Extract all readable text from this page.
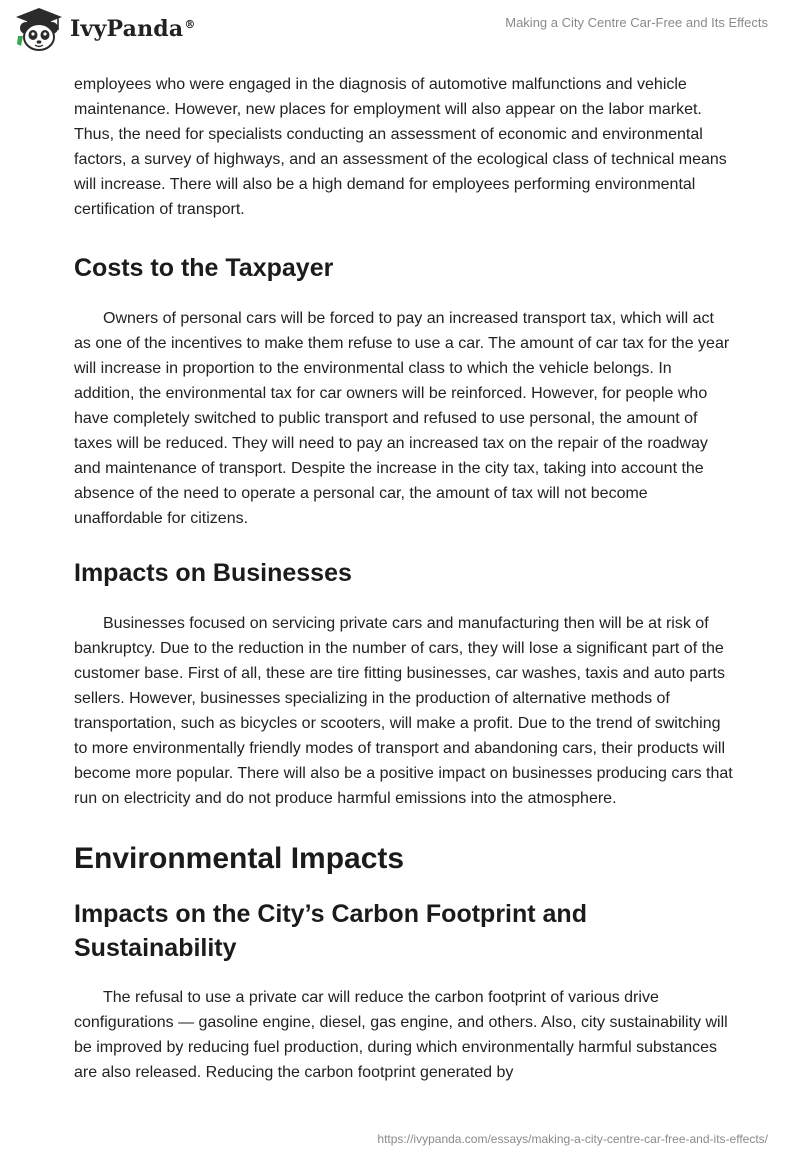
IvyPanda®	Making a City Centre Car-Free and Its Effects

employees who were engaged in the diagnosis of automotive malfunctions and vehicle maintenance. However, new places for employment will also appear on the labor market. Thus, the need for specialists conducting an assessment of economic and environmental factors, a survey of highways, and an assessment of the ecological class of technical means will increase. There will also be a high demand for employees performing environmental certification of transport.

Costs to the Taxpayer

Owners of personal cars will be forced to pay an increased transport tax, which will act as one of the incentives to make them refuse to use a car. The amount of car tax for the year will increase in proportion to the environmental class to which the vehicle belongs. In addition, the environmental tax for car owners will be reinforced. However, for people who have completely switched to public transport and refused to use personal, the amount of taxes will be reduced. They will need to pay an increased tax on the repair of the roadway and maintenance of transport. Despite the increase in the city tax, taking into account the absence of the need to operate a personal car, the amount of tax will not become unaffordable for citizens.

Impacts on Businesses

Businesses focused on servicing private cars and manufacturing then will be at risk of bankruptcy. Due to the reduction in the number of cars, they will lose a significant part of the customer base. First of all, these are tire fitting businesses, car washes, taxis and auto parts sellers. However, businesses specializing in the production of alternative methods of transportation, such as bicycles or scooters, will make a profit. Due to the trend of switching to more environmentally friendly modes of transport and abandoning cars, their products will become more popular. There will also be a positive impact on businesses producing cars that run on electricity and do not produce harmful emissions into the atmosphere.

Environmental Impacts
Impacts on the City’s Carbon Footprint and Sustainability

The refusal to use a private car will reduce the carbon footprint of various drive configurations — gasoline engine, diesel, gas engine, and others. Also, city sustainability will be improved by reducing fuel production, during which environmentally harmful substances are also released. Reducing the carbon footprint generated by

https://ivypanda.com/essays/making-a-city-centre-car-free-and-its-effects/
